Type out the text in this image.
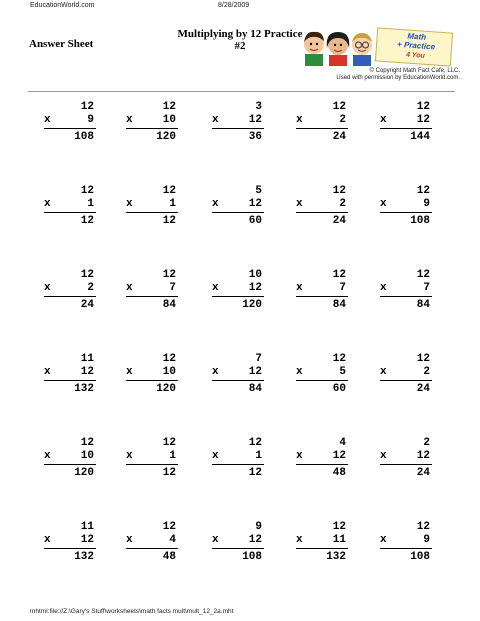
EducationWorld.com	8/28/2009
Answer Sheet
Multiplying by 12 Practice
#2
Math
+ Practice
4 You
© Copyright Math Fact Cafe, LLC.
Used with permission by EducationWorld.com.
12
x	9
108
12
x	10
120
3
x	12
36
12
x	2
24
12
x	12
144
12
x	1
12
12
x	1
12
5
x	12
60
12
x	2
24
12
x	9
108
12
x	2
24
12
x	7
84
10
x	12
120
12
x	7
84
12
x	7
84
11
x	12
132
12
x	10
120
7
x	12
84
12
x	5
60
12
x	2
24
12
x	10
120
12
x	1
12
12
x	1
12
4
x	12
48
2
x	12
24
11
x	12
132
12
x	4
48
9
x	12
108
12
x	11
132
12
x	9
108
mhtml:file://Z:\Gary's Stuff\worksheets\math facts mult\mult_12_2a.mht
